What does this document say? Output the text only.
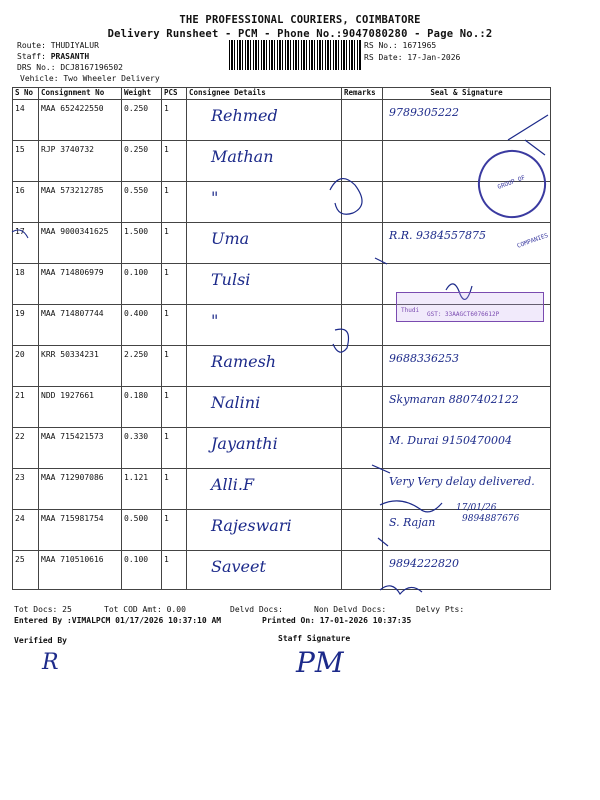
THE PROFESSIONAL COURIERS, COIMBATORE
Delivery Runsheet - PCM - Phone No.:9047080280 - Page No.:2
Route: THUDIYALUR
Staff: PRASANTH
DRS No.: DCJ8167196502
Vehicle: Two Wheeler Delivery
RS No.: 1671965
RS Date: 17-Jan-2026
S No	Consignment No	Weight	PCS	Consignee Details	Remarks	Seal & Signature
14	MAA 652422550	0.250	1	Rehmed		9789305222

15	RJP 3740732	0.250	1	Mathan		

16	MAA 573212785	0.550	1	"		

17	MAA 9000341625	1.500	1	Uma		R.R. 9384557875

18	MAA 714806979	0.100	1	Tulsi		

19	MAA 714807744	0.400	1	"		

20	KRR 50334231	2.250	1	Ramesh		9688336253

21	NDD 1927661	0.180	1	Nalini		Skymaran 8807402122

22	MAA 715421573	0.330	1	Jayanthi		M. Durai 9150470004

23	MAA 712907086	1.121	1	Alli.F		Very Very delay delivered.

24	MAA 715981754	0.500	1	Rajeswari		S. Rajan

25	MAA 710510616	0.100	1	Saveet		9894222820
GROUP OF COMPANIES
Thudi
GST: 33AAGCT6076612P
17/01/26
9894887676
Tot Docs: 25	Tot COD Amt: 0.00	Delvd Docs:	Non Delvd Docs:	Delvy Pts:
Entered By :VIMALPCM 01/17/2026 10:37:10 AM	Printed On: 17-01-2026 10:37:35
Verified By	Staff Signature
R	PM
